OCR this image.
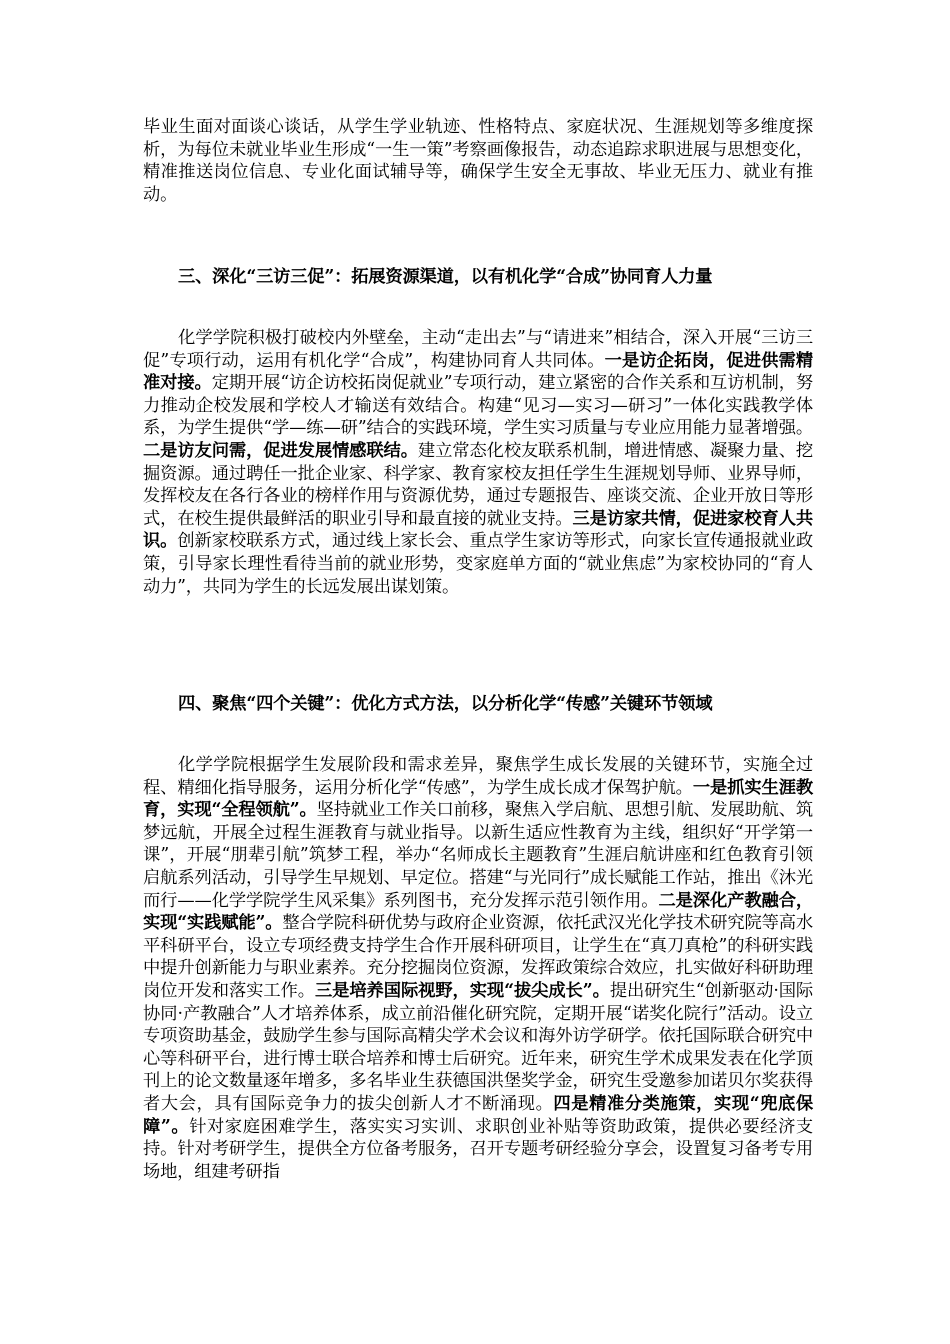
毕业生面对面谈心谈话，从学生学业轨迹、性格特点、家庭状况、生涯规划等多维度探析，为每位未就业毕业生形成“一生一策”考察画像报告，动态追踪求职进展与思想变化，精准推送岗位信息、专业化面试辅导等，确保学生安全无事故、毕业无压力、就业有推动。

三、深化“三访三促”：拓展资源渠道，以有机化学“合成”协同育人力量

化学学院积极打破校内外壁垒，主动“走出去”与“请进来”相结合，深入开展“三访三促”专项行动，运用有机化学“合成”，构建协同育人共同体。一是访企拓岗，促进供需精准对接。定期开展“访企访校拓岗促就业”专项行动，建立紧密的合作关系和互访机制，努力推动企校发展和学校人才输送有效结合。构建“见习—实习—研习”一体化实践教学体系，为学生提供“学—练—研”结合的实践环境，学生实习质量与专业应用能力显著增强。二是访友问需，促进发展情感联结。建立常态化校友联系机制，增进情感、凝聚力量、挖掘资源。通过聘任一批企业家、科学家、教育家校友担任学生生涯规划导师、业界导师，发挥校友在各行各业的榜样作用与资源优势，通过专题报告、座谈交流、企业开放日等形式，在校生提供最鲜活的职业引导和最直接的就业支持。三是访家共情，促进家校育人共识。创新家校联系方式，通过线上家长会、重点学生家访等形式，向家长宣传通报就业政策，引导家长理性看待当前的就业形势，变家庭单方面的“就业焦虑”为家校协同的“育人动力”，共同为学生的长远发展出谋划策。

四、聚焦“四个关键”：优化方式方法，以分析化学“传感”关键环节领域

化学学院根据学生发展阶段和需求差异，聚焦学生成长发展的关键环节，实施全过程、精细化指导服务，运用分析化学“传感”，为学生成长成才保驾护航。一是抓实生涯教育，实现“全程领航”。坚持就业工作关口前移，聚焦入学启航、思想引航、发展助航、筑梦远航，开展全过程生涯教育与就业指导。以新生适应性教育为主线，组织好“开学第一课”，开展“朋辈引航”筑梦工程，举办“名师成长主题教育”生涯启航讲座和红色教育引领启航系列活动，引导学生早规划、早定位。搭建“与光同行”成长赋能工作站，推出《沐光而行——化学学院学生风采集》系列图书，充分发挥示范引领作用。二是深化产教融合，实现“实践赋能”。整合学院科研优势与政府企业资源，依托武汉光化学技术研究院等高水平科研平台，设立专项经费支持学生合作开展科研项目，让学生在“真刀真枪”的科研实践中提升创新能力与职业素养。充分挖掘岗位资源，发挥政策综合效应，扎实做好科研助理岗位开发和落实工作。三是培养国际视野，实现“拔尖成长”。提出研究生“创新驱动·国际协同·产教融合”人才培养体系，成立前沿催化研究院，定期开展“诺奖化院行”活动。设立专项资助基金，鼓励学生参与国际高精尖学术会议和海外访学研学。依托国际联合研究中心等科研平台，进行博士联合培养和博士后研究。近年来，研究生学术成果发表在化学顶刊上的论文数量逐年增多，多名毕业生获德国洪堡奖学金，研究生受邀参加诺贝尔奖获得者大会，具有国际竞争力的拔尖创新人才不断涌现。四是精准分类施策，实现“兜底保障”。针对家庭困难学生，落实实习实训、求职创业补贴等资助政策，提供必要经济支持。针对考研学生，提供全方位备考服务，召开专题考研经验分享会，设置复习备考专用场地，组建考研指
